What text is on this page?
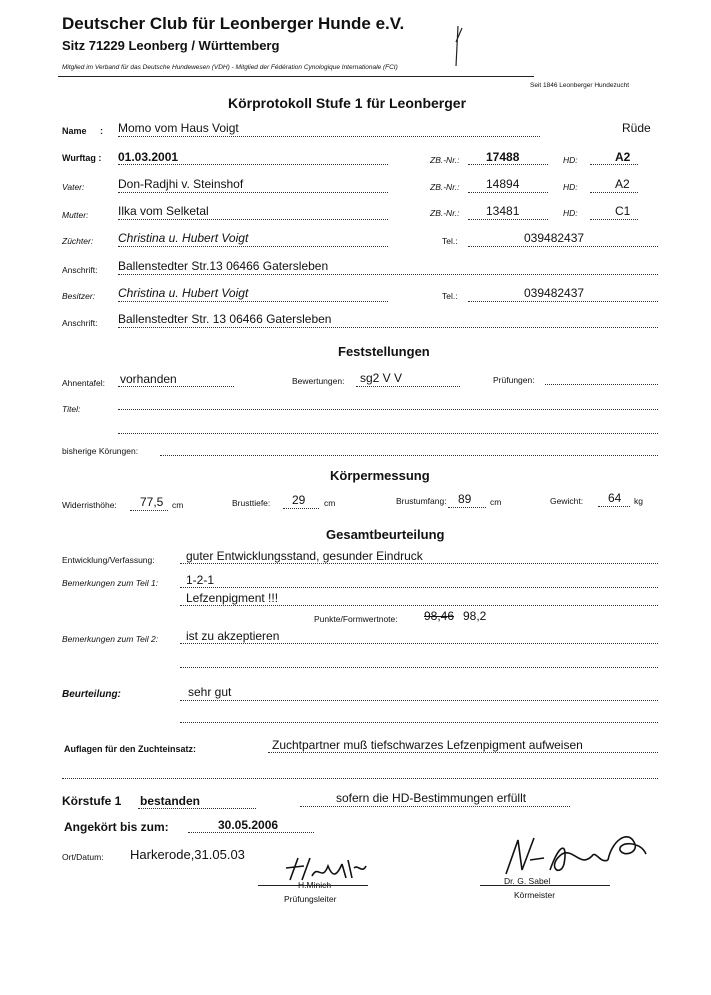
Deutscher Club für Leonberger Hunde e.V.
Sitz 71229 Leonberg / Württemberg
Mitglied im Verband für das Deutsche Hundewesen (VDH) - Mitglied der Fédération Cynologique Internationale (FCI)
Seit 1846 Leonberger Hundezucht
Körprotokoll Stufe 1 für Leonberger
Name : Momo vom Haus Voigt	Rüde
Wurftag : 01.03.2001	ZB.-Nr.: 17488	HD:	A2
Vater:	Don-Radjhi v. Steinshof	ZB.-Nr.: 14894	HD:	A2
Mutter: Ilka vom Selketal	ZB.-Nr.: 13481	HD:	C1
Züchter: Christina u. Hubert Voigt	Tel.:	039482437
Anschrift: Ballenstedter Str.13 06466 Gatersleben
Besitzer: Christina u. Hubert Voigt	Tel.:	039482437
Anschrift: Ballenstedter Str. 13 06466 Gatersleben
Feststellungen
Ahnentafel: vorhanden	Bewertungen: sg2 V V	Prüfungen:
Titel:
bisherige Körungen:
Körpermessung
Widerristhöhe: 77,5 cm	Brusttiefe: 29 cm	Brustumfang: 89 cm	Gewicht: 64 kg
Gesamtbeurteilung
Entwicklung/Verfassung:	guter Entwicklungsstand, gesunder Eindruck
Bemerkungen zum Teil 1: 1-2-1
Lefzenpigment !!!
Punkte/Formwertnote: 98,46 98,2
Bemerkungen zum Teil 2: ist zu akzeptieren
Beurteilung:	sehr gut
Auflagen für den Zuchteinsatz:	Zuchtpartner muß tiefschwarzes Lefzenpigment aufweisen
Körstufe 1 bestanden	sofern die HD-Bestimmungen erfüllt
Angekört bis zum:	30.05.2006
Ort/Datum: Harkerode,31.05.03
H.Minich
Prüfungsleiter
Dr. G. Sabel
Körmeister
